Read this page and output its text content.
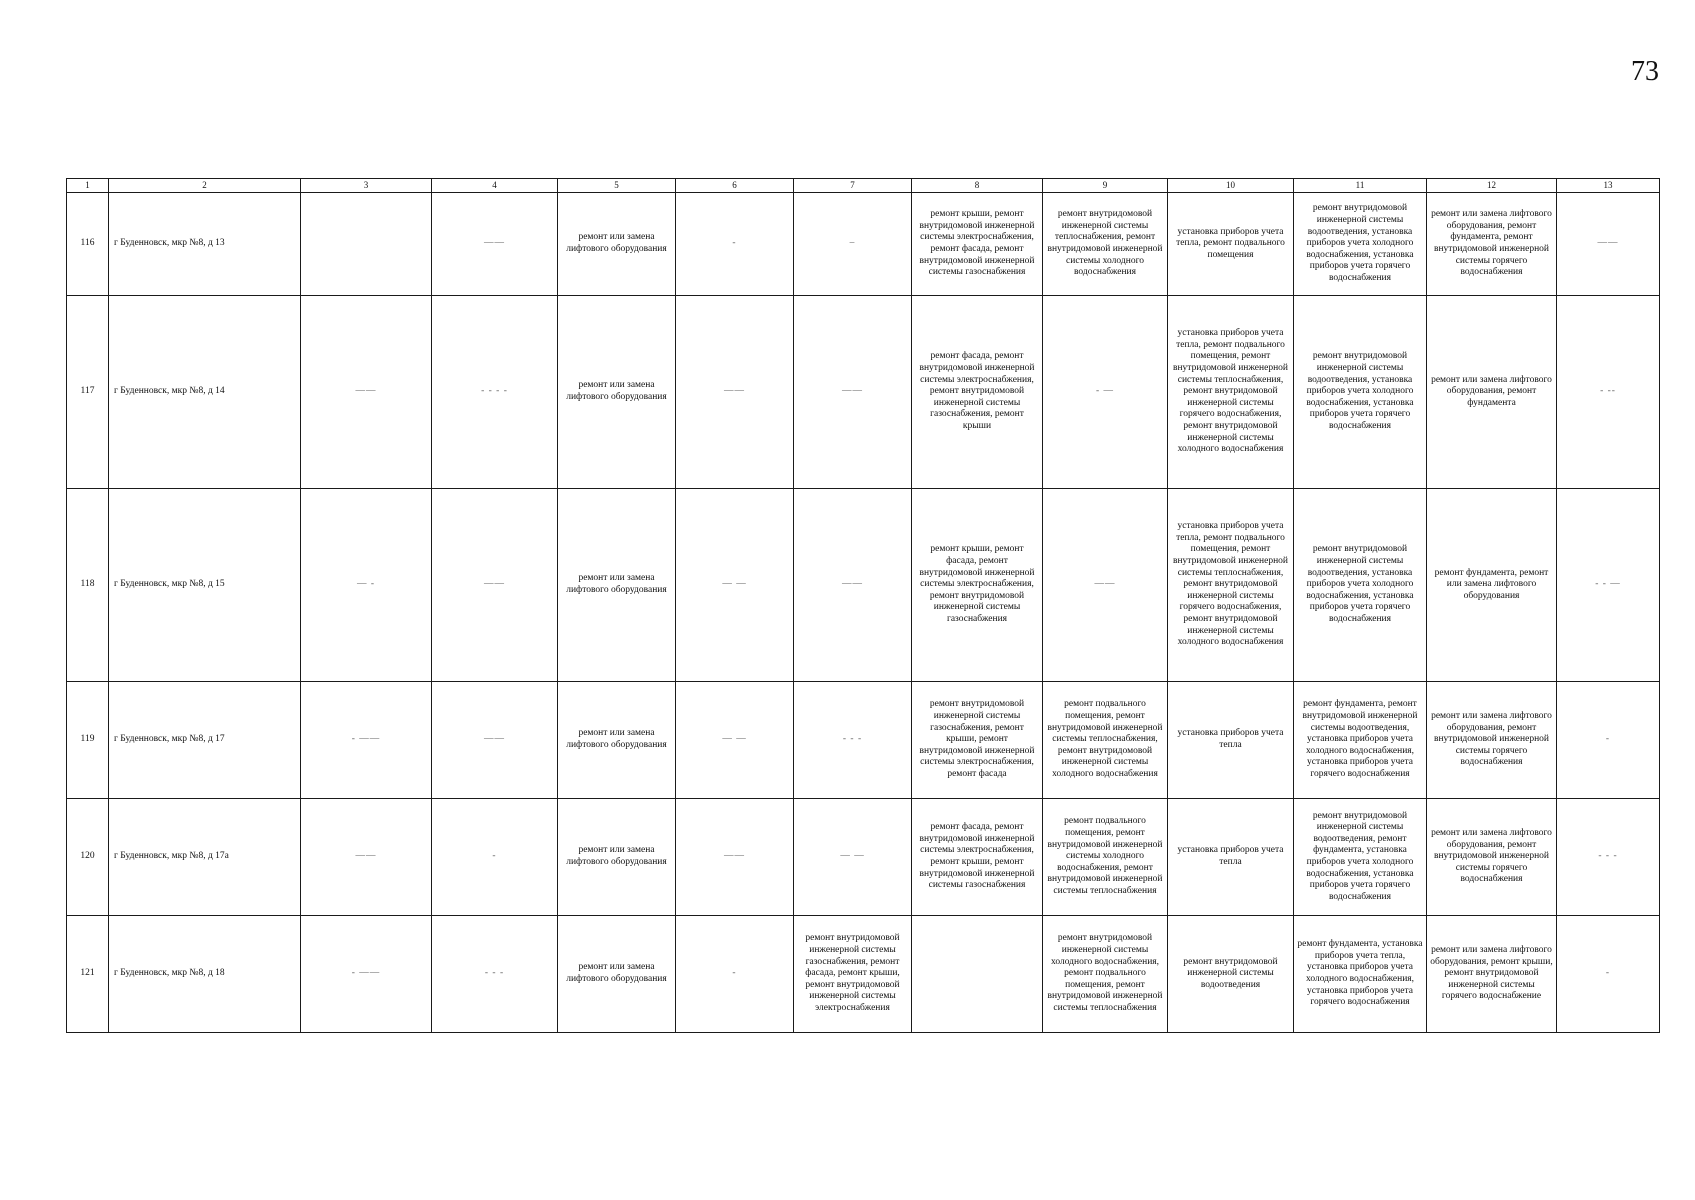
73
1	2	3	4	5	6	7	8	9	10	11	12	13
116	г Буденновск, мкр №8, д 13		——	ремонт или замена лифтового оборудования	-	–	ремонт крыши, ремонт внутридомовой инженерной системы электроснабжения, ремонт фасада, ремонт внутридомовой инженерной системы газоснабжения	ремонт внутридомовой инженерной системы теплоснабжения, ремонт внутридомовой инженерной системы холодного водоснабжения	установка приборов учета тепла, ремонт подвального помещения	ремонт внутридомовой инженерной системы водоотведения, установка приборов учета холодного водоснабжения, установка приборов учета горячего водоснабжения	ремонт или замена лифтового оборудования, ремонт фундамента, ремонт внутридомовой инженерной системы горячего водоснабжения	——
117	г Буденновск, мкр №8, д 14	——	- - - -	ремонт или замена лифтового оборудования	——	——	ремонт фасада, ремонт внутридомовой инженерной системы электроснабжения, ремонт внутридомовой инженерной системы газоснабжения, ремонт крыши	- —	установка приборов учета тепла, ремонт подвального помещения, ремонт внутридомовой инженерной системы теплоснабжения, ремонт внутридомовой инженерной системы горячего водоснабжения, ремонт внутридомовой инженерной системы холодного водоснабжения	ремонт внутридомовой инженерной системы водоотведения, установка приборов учета холодного водоснабжения, установка приборов учета горячего водоснабжения	ремонт или замена лифтового оборудования, ремонт фундамента	- --
118	г Буденновск, мкр №8, д 15	— -	——	ремонт или замена лифтового оборудования	— —	——	ремонт крыши, ремонт фасада, ремонт внутридомовой инженерной системы электроснабжения, ремонт внутридомовой инженерной системы газоснабжения	——	установка приборов учета тепла, ремонт подвального помещения, ремонт внутридомовой инженерной системы теплоснабжения, ремонт внутридомовой инженерной системы горячего водоснабжения, ремонт внутридомовой инженерной системы холодного водоснабжения	ремонт внутридомовой инженерной системы водоотведения, установка приборов учета холодного водоснабжения, установка приборов учета горячего водоснабжения	ремонт фундамента, ремонт или замена лифтового оборудования	- - —
119	г Буденновск, мкр №8, д 17	- ——	——	ремонт или замена лифтового оборудования	— —	- - -	ремонт внутридомовой инженерной системы газоснабжения, ремонт крыши, ремонт внутридомовой инженерной системы электроснабжения, ремонт фасада	ремонт подвального помещения, ремонт внутридомовой инженерной системы теплоснабжения, ремонт внутридомовой инженерной системы холодного водоснабжения	установка приборов учета тепла	ремонт фундамента, ремонт внутридомовой инженерной системы водоотведения, установка приборов учета холодного водоснабжения, установка приборов учета горячего водоснабжения	ремонт или замена лифтового оборудования, ремонт внутридомовой инженерной системы горячего водоснабжения	-
120	г Буденновск, мкр №8, д 17а	——	-	ремонт или замена лифтового оборудования	——	— —	ремонт фасада, ремонт внутридомовой инженерной системы электроснабжения, ремонт крыши, ремонт внутридомовой инженерной системы газоснабжения	ремонт подвального помещения, ремонт внутридомовой инженерной системы холодного водоснабжения, ремонт внутридомовой инженерной системы теплоснабжения	установка приборов учета тепла	ремонт внутридомовой инженерной системы водоотведения, ремонт фундамента, установка приборов учета холодного водоснабжения, установка приборов учета горячего водоснабжения	ремонт или замена лифтового оборудования, ремонт внутридомовой инженерной системы горячего водоснабжения	- - -
121	г Буденновск, мкр №8, д 18	- ——	- - -	ремонт или замена лифтового оборудования	-	ремонт внутридомовой инженерной системы газоснабжения, ремонт фасада, ремонт крыши, ремонт внутридомовой инженерной системы электроснабжения		ремонт внутридомовой инженерной системы холодного водоснабжения, ремонт подвального помещения, ремонт внутридомовой инженерной системы теплоснабжения	ремонт внутридомовой инженерной системы водоотведения	ремонт фундамента, установка приборов учета тепла, установка приборов учета холодного водоснабжения, установка приборов учета горячего водоснабжения	ремонт или замена лифтового оборудования, ремонт крыши, ремонт внутридомовой инженерной системы горячего водоснабжение	-
